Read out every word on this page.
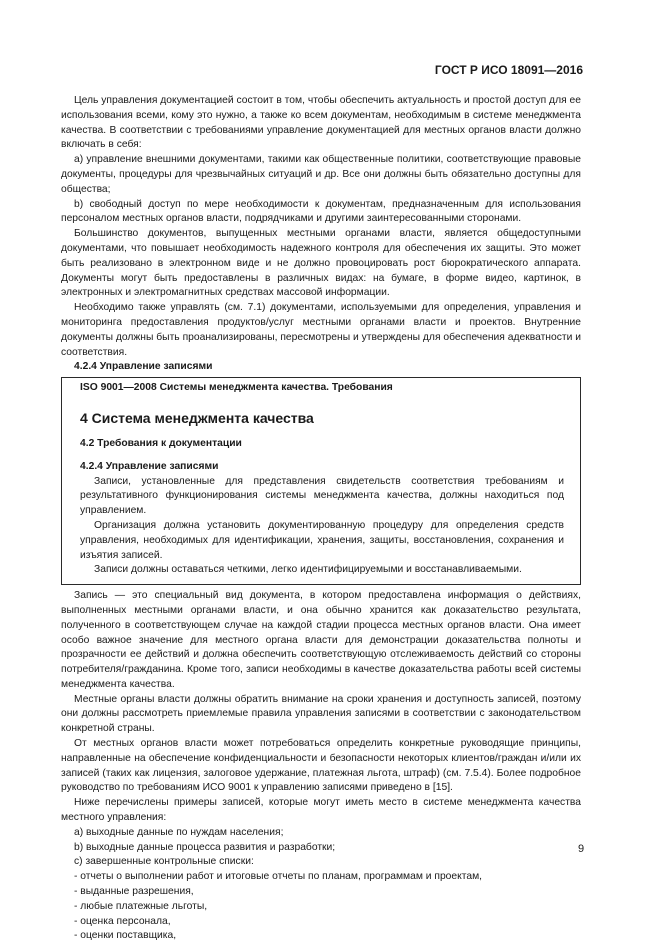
ГОСТ Р ИСО 18091—2016

Цель управления документацией состоит в том, чтобы обеспечить актуальность и простой доступ для ее использования всеми, кому это нужно, а также ко всем документам, необходимым в системе менеджмента качества. В соответствии с требованиями управление документацией для местных органов власти должно включать в себя:

a) управление внешними документами, такими как общественные политики, соответствующие правовые документы, процедуры для чрезвычайных ситуаций и др. Все они должны быть обязательно доступны для общества;

b) свободный доступ по мере необходимости к документам, предназначенным для использования персоналом местных органов власти, подрядчиками и другими заинтересованными сторонами.

Большинство документов, выпущенных местными органами власти, является общедоступными документами, что повышает необходимость надежного контроля для обеспечения их защиты. Это может быть реализовано в электронном виде и не должно провоцировать рост бюрократического аппарата. Документы могут быть предоставлены в различных видах: на бумаге, в форме видео, картинок, в электронных и электромагнитных средствах массовой информации.

Необходимо также управлять (см. 7.1) документами, используемыми для определения, управления и мониторинга предоставления продуктов/услуг местными органами власти и проектов. Внутренние документы должны быть проанализированы, пересмотрены и утверждены для обеспечения адекватности и соответствия.

4.2.4 Управление записями
ISO 9001—2008 Системы менеджмента качества. Требования
4 Система менеджмента качества
4.2 Требования к документации
4.2.4 Управление записями

Записи, установленные для представления свидетельств соответствия требованиям и результативного функционирования системы менеджмента качества, должны находиться под управлением.

Организация должна установить документированную процедуру для определения средств управления, необходимых для идентификации, хранения, защиты, восстановления, сохранения и изъятия записей.

Записи должны оставаться четкими, легко идентифицируемыми и восстанавливаемыми.

Запись — это специальный вид документа, в котором предоставлена информация о действиях, выполненных местными органами власти, и она обычно хранится как доказательство результата, полученного в соответствующем случае на каждой стадии процесса местных органов власти. Она имеет особо важное значение для местного органа власти для демонстрации доказательства полноты и прозрачности ее действий и должна обеспечить соответствующую отслеживаемость действий со стороны потребителя/гражданина. Кроме того, записи необходимы в качестве доказательства работы всей системы менеджмента качества.

Местные органы власти должны обратить внимание на сроки хранения и доступность записей, поэтому они должны рассмотреть приемлемые правила управления записями в соответствии с законодательством конкретной страны.

От местных органов власти может потребоваться определить конкретные руководящие принципы, направленные на обеспечение конфиденциальности и безопасности некоторых клиентов/граждан и/или их записей (таких как лицензия, залоговое удержание, платежная льгота, штраф) (см. 7.5.4). Более подробное руководство по требованиям ИСО 9001 к управлению записями приведено в [15].

Ниже перечислены примеры записей, которые могут иметь место в системе менеджмента качества местного управления:

a) выходные данные по нуждам населения;
b) выходные данные процесса развития и разработки;
c) завершенные контрольные списки:
- отчеты о выполнении работ и итоговые отчеты по планам, программам и проектам,
- выданные разрешения,
- любые платежные льготы,
- оценка персонала,
- оценки поставщика,
9
